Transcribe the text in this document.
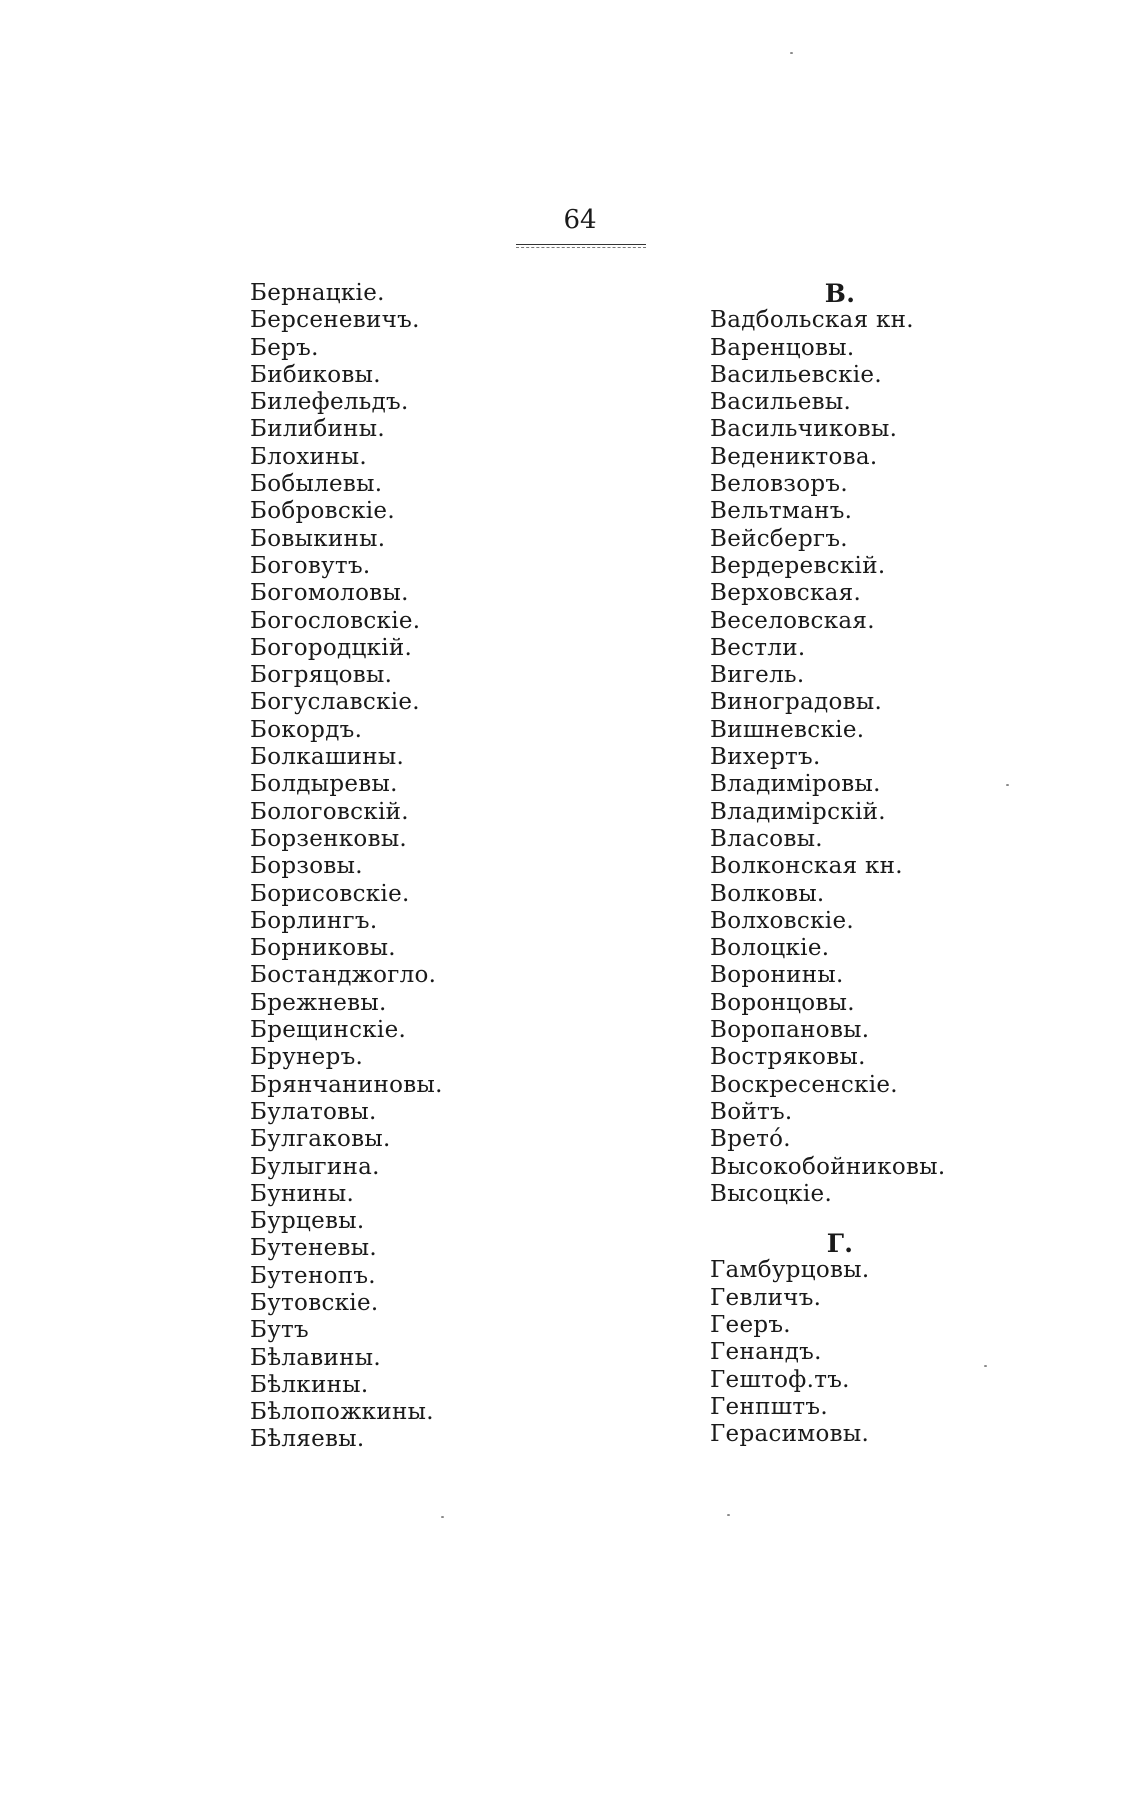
64
Бернацкіе.
Берсеневичъ.
Беръ.
Бибиковы.
Билефельдъ.
Билибины.
Блохины.
Бобылевы.
Бобровскіе.
Бовыкины.
Боговутъ.
Богомоловы.
Богословскіе.
Богородцкій.
Богряцовы.
Богуславскіе.
Бокордъ.
Болкашины.
Болдыревы.
Бологовскій.
Борзенковы.
Борзовы.
Борисовскіе.
Борлингъ.
Борниковы.
Бостанджогло.
Брежневы.
Брещинскіе.
Брунеръ.
Брянчаниновы.
Булатовы.
Булгаковы.
Булыгина.
Бунины.
Бурцевы.
Бутеневы.
Бутенопъ.
Бутовскіе.
Бутъ
Бѣлавины.
Бѣлкины.
Бѣлопожкины.
Бѣляевы.
В.
Вадбольская кн.
Варенцовы.
Васильевскіе.
Васильевы.
Васильчиковы.
Ведениктова.
Веловзоръ.
Вельтманъ.
Вейсбергъ.
Вердеревскій.
Верховская.
Веселовская.
Вестли.
Вигель.
Виноградовы.
Вишневскіе.
Вихертъ.
Владиміровы.
Владимірскій.
Власовы.
Волконская кн.
Волковы.
Волховскіе.
Волоцкіе.
Воронины.
Воронцовы.
Воропановы.
Востряковы.
Воскресенскіе.
Войтъ.
Вретό.
Высокобойниковы.
Высоцкіе.
Г.
Гамбурцовы.
Гевличъ.
Гееръ.
Генандъ.
Гештоф.тъ.
Генпштъ.
Герасимовы.
